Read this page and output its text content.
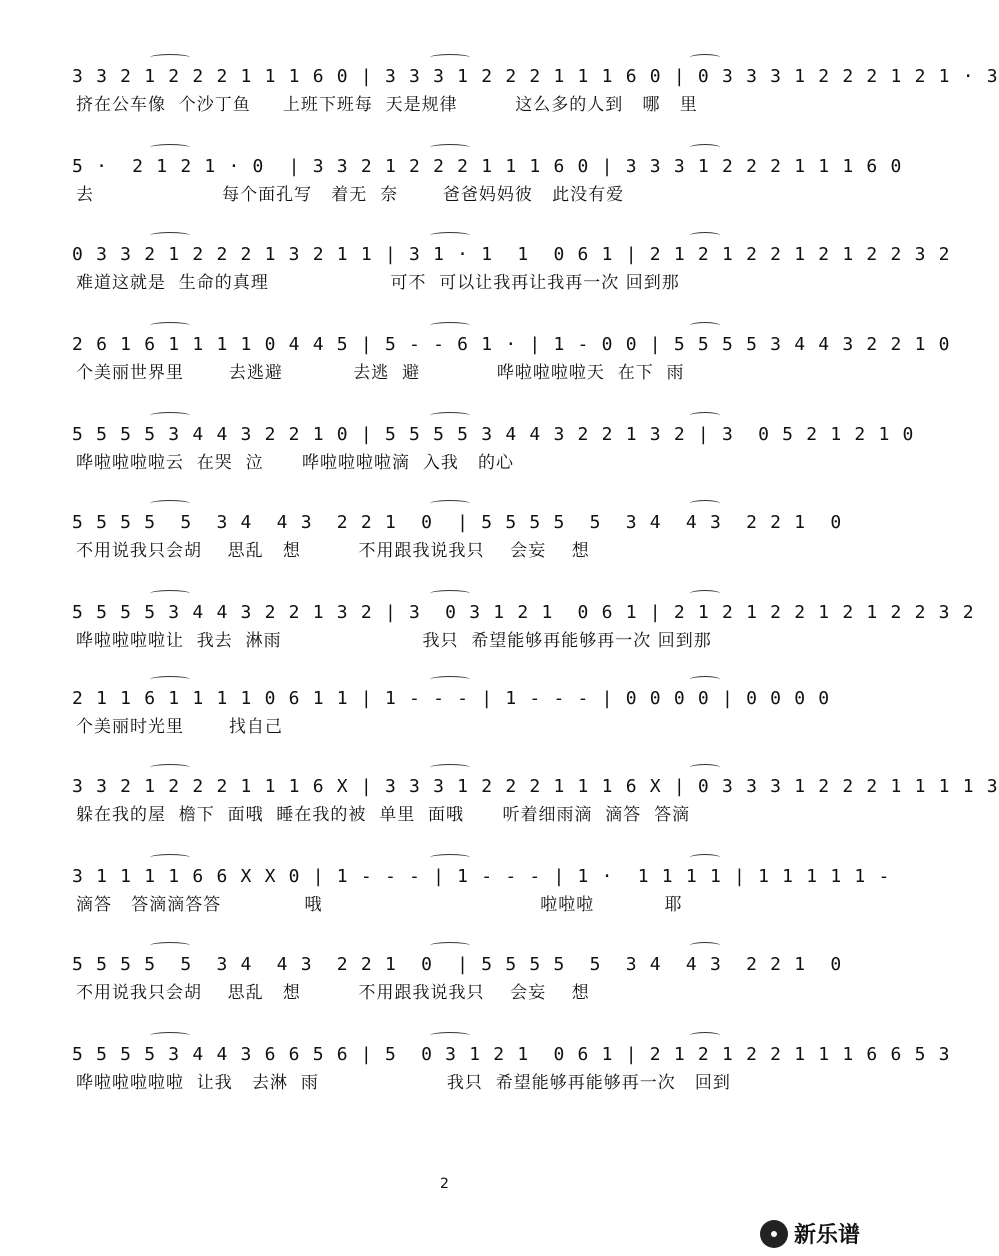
3 3 2 1 2 2 2 1 1 1 6 0 | 3 3 3 1 2 2 2 1 1 1 6 0 | 0 3 3 3 1 2 2 2 1 2 1 · 3
挤在公车像  个沙丁鱼     上班下班每  天是规律         这么多的人到   哪   里
5 ·  2 1 2 1 · 0  | 3 3 2 1 2 2 2 1 1 1 6 0 | 3 3 3 1 2 2 2 1 1 1 6 0
去                    每个面孔写   着无  奈       爸爸妈妈彼   此没有爱
0 3 3 2 1 2 2 2 1 3 2 1 1 | 3 1 · 1  1  0 6 1 | 2 1 2 1 2 2 1 2 1 2 2 3 2
难道这就是  生命的真理                   可不  可以让我再让我再一次 回到那
2 6 1 6 1 1 1 1 0 4 4 5 | 5 - - 6 1 · | 1 - 0 0 | 5 5 5 5 3 4 4 3 2 2 1 0
个美丽世界里       去逃避           去逃  避            哗啦啦啦啦天  在下  雨
5 5 5 5 3 4 4 3 2 2 1 0 | 5 5 5 5 3 4 4 3 2 2 1 3 2 | 3  0 5 2 1 2 1 0
哗啦啦啦啦云  在哭  泣      哗啦啦啦啦滴  入我   的心
5 5 5 5  5  3 4  4 3  2 2 1  0  | 5 5 5 5  5  3 4  4 3  2 2 1  0
不用说我只会胡    思乱   想         不用跟我说我只    会妄    想
5 5 5 5 3 4 4 3 2 2 1 3 2 | 3  0 3 1 2 1  0 6 1 | 2 1 2 1 2 2 1 2 1 2 2 3 2
哗啦啦啦啦让  我去  淋雨                      我只  希望能够再能够再一次 回到那
2 1 1 6 1 1 1 1 0 6 1 1 | 1 - - - | 1 - - - | 0 0 0 0 | 0 0 0 0
个美丽时光里       找自己
3 3 2 1 2 2 2 1 1 1 6 X | 3 3 3 1 2 2 2 1 1 1 6 X | 0 3 3 3 1 2 2 2 1 1 1 1 3
躲在我的屋  檐下  面哦  睡在我的被  单里  面哦      听着细雨滴  滴答  答滴
3 1 1 1 1 6 6 X X 0 | 1 - - - | 1 - - - | 1 ·  1 1 1 1 | 1 1 1 1 1 -
滴答   答滴滴答答             哦                                  啦啦啦           耶
5 5 5 5  5  3 4  4 3  2 2 1  0  | 5 5 5 5  5  3 4  4 3  2 2 1  0
不用说我只会胡    思乱   想         不用跟我说我只    会妄    想
5 5 5 5 3 4 4 3 6 6 5 6 | 5  0 3 1 2 1  0 6 1 | 2 1 2 1 2 2 1 1 1 6 6 5 3
哗啦啦啦啦啦  让我   去淋  雨                    我只  希望能够再能够再一次   回到
2
新乐谱
